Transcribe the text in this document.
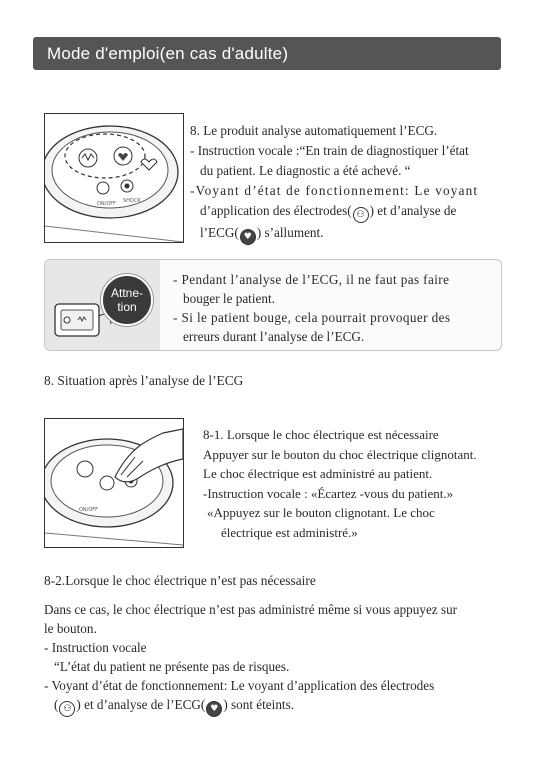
Mode d'emploi(en cas d'adulte)
ON/OFF SHOCK

8. Le produit analyse automatiquement l’ECG.

- Instruction vocale :“En train de diagnostiquer l’état

du patient. Le diagnostic a été achevé. “

-Voyant d’état de fonctionnement: Le voyant

d’application des électrodes( ⚇ ) et d’analyse de

l’ECG( ♥ ) s’allument.

Attne-
tion

- Pendant l’analyse de l’ECG, il ne faut pas faire

bouger le patient.

- Si le patient bouge, cela pourrait provoquer des

erreurs durant l’analyse de l’ECG.

8. Situation après l’analyse de l’ECG
ON/OFF

8-1. Lorsque le choc électrique est nécessaire

Appuyer sur le bouton du choc électrique clignotant.

Le choc électrique est administré au patient.

-Instruction vocale : «Écartez -vous du patient.»

«Appuyez sur le bouton clignotant. Le choc

électrique est administré.»

8-2.Lorsque le choc électrique n’est pas nécessaire

Dans ce cas, le choc électrique n’est pas administré même si vous appuyez sur

le bouton.

- Instruction vocale

“L’état du patient ne présente pas de risques.

- Voyant d’état de fonctionnement: Le voyant d’application des électrodes

( ⚇ ) et d’analyse de l’ECG( ♥ ) sont éteints.
